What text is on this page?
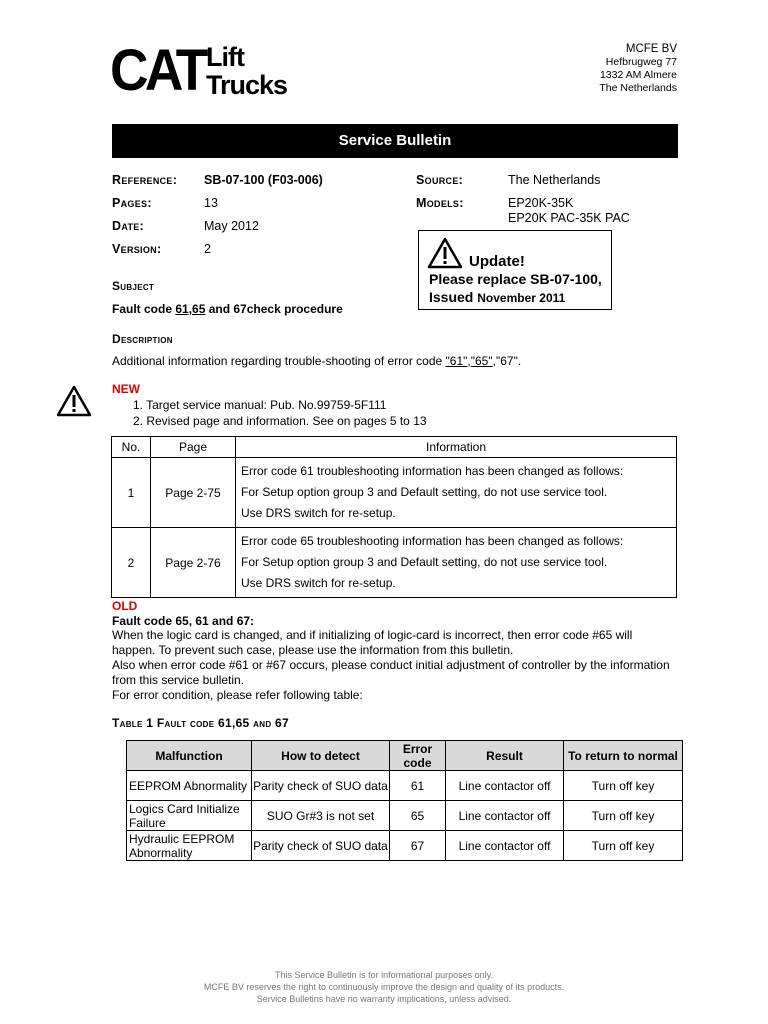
CAT Lift
Trucks
MCFE BV
Hefbrugweg 77
1332 AM Almere
The Netherlands
Service Bulletin
Reference: SB-07-100 (F03-006)
Pages:	13
Date:	May 2012
Version:	2
Source:	The Netherlands
Models:	EP20K-35K
EP20K PAC-35K PAC
Update!
Please replace SB-07-100,
Issued November 2011
Subject
Fault code 61,65 and 67check procedure
Description
Additional information regarding trouble-shooting of error code "61","65","67".
NEW
1. Target service manual: Pub. No.99759-5F111
2. Revised page and information. See on pages 5 to 13
No.	Page	Information
1	Page 2-75	Error code 61 troubleshooting information has been changed as follows:
For Setup option group 3 and Default setting, do not use service tool.
Use DRS switch for re-setup.

2	Page 2-76	Error code 65 troubleshooting information has been changed as follows:
For Setup option group 3 and Default setting, do not use service tool.
Use DRS switch for re-setup.
OLD
Fault code 65, 61 and 67:
When the logic card is changed, and if initializing of logic-card is incorrect, then error code #65 will
happen. To prevent such case, please use the information from this bulletin.
Also when error code #61 or #67 occurs, please conduct initial adjustment of controller by the information
from this service bulletin.
For error condition, please refer following table:
Table 1 Fault code 61,65 and 67
Malfunction	How to detect	Error code	Result	To return to normal
EEPROM Abnormality	Parity check of SUO data	61	Line contactor off	Turn off key
Logics Card Initialize Failure	SUO Gr#3 is not set	65	Line contactor off	Turn off key
Hydraulic EEPROM Abnormality	Parity check of SUO data	67	Line contactor off	Turn off key
This Service Bulletin is for informational purposes only.
MCFE BV reserves the right to continuously improve the design and quality of its products.
Service Bulletins have no warranty implications, unless advised.
